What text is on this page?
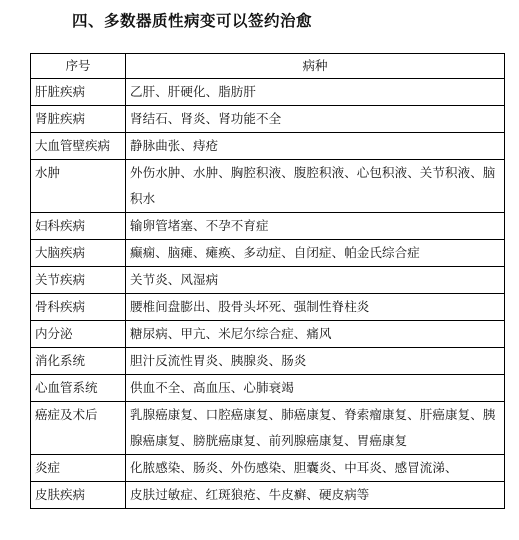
四、多数器质性病变可以签约治愈
序号	病种
肝脏疾病	乙肝、肝硬化、脂肪肝
肾脏疾病	肾结石、肾炎、肾功能不全
大血管壁疾病	静脉曲张、痔疮
水肿	外伤水肿、水肿、胸腔积液、腹腔积液、心包积液、关节积液、脑积水
妇科疾病	输卵管堵塞、不孕不育症
大脑疾病	癫痫、脑瘫、瘫痪、多动症、自闭症、帕金氏综合症
关节疾病	关节炎、风湿病
骨科疾病	腰椎间盘膨出、股骨头坏死、强制性脊柱炎
内分泌	糖尿病、甲亢、米尼尔综合症、痛风
消化系统	胆汁反流性胃炎、胰腺炎、肠炎
心血管系统	供血不全、高血压、心肺衰竭
癌症及术后	乳腺癌康复、口腔癌康复、肺癌康复、脊索瘤康复、肝癌康复、胰腺癌康复、膀胱癌康复、前列腺癌康复、胃癌康复
炎症	化脓感染、肠炎、外伤感染、胆囊炎、中耳炎、感冒流涕、
皮肤疾病	皮肤过敏症、红斑狼疮、牛皮癣、硬皮病等
